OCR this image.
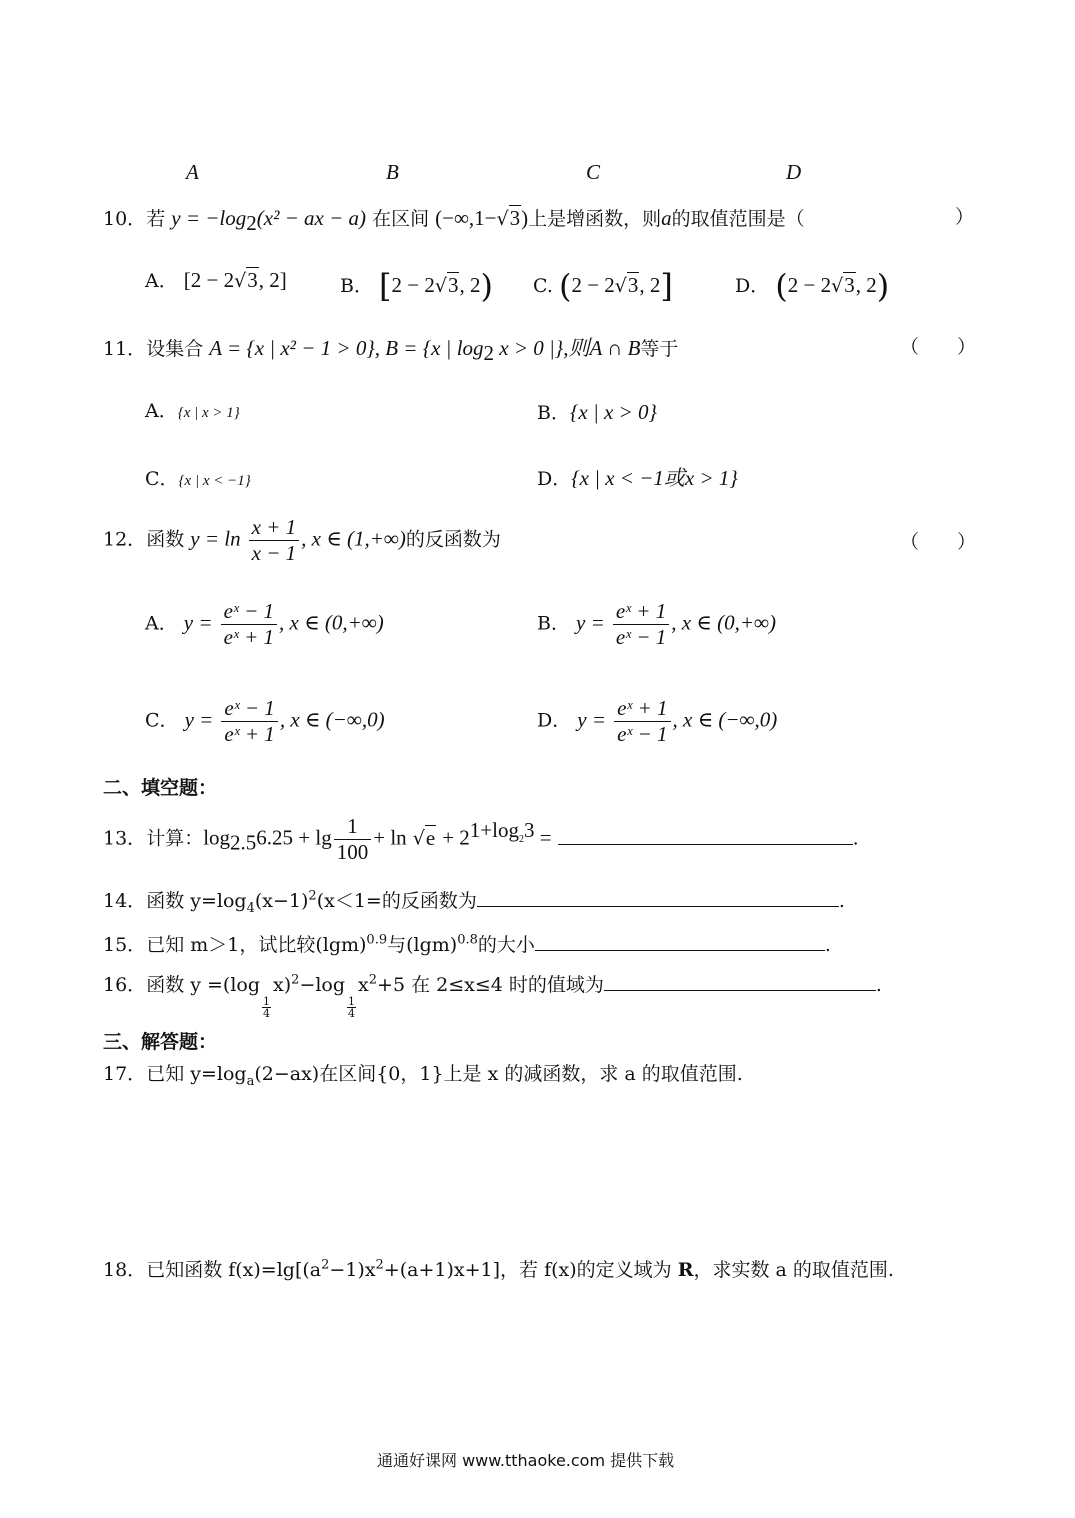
A	B	C	D
10．若 $y = -\log_2(x^2$ − ax − a) 在区间 (−∞,1−√3)上是增函数，则a的取值范围是（	）
A． [2 − 2√3, 2]	B． [2 − 2√3, 2) C. (2 − 2√3, 2]	D． (2 − 2√3, 2)
11．设集合 A = {x | x² − 1 > 0}, B = {x | $\log_2 x > 0$ |},则A ∩ B等于	（　　）
A．{x | x > 1}	B．{x | x > 0}
C．{x | x < −1}	D．{x | x < −1或x > 1}
12．函数 $y = \ln \frac{x + 1}{x - 1}$ , x ∈ (1,+∞)的反函数为	（　　）
A． $y = \frac{\text{eˣ − 1}}{\text{eˣ + 1}}$ , x ∈ (0,+∞)	B． $y = \frac{\text{eˣ + 1}}{\text{eˣ − 1}}$ , x ∈ (0,+∞)
C． $y = \frac{\text{eˣ − 1}}{\text{eˣ + 1}}$ , x ∈ (−∞,0)	D． $y = \frac{\text{eˣ + 1}}{\text{eˣ − 1}}$ , x ∈ (−∞,0)
二、填空题：
13．计算：$\log_{2.5}6.25 + \lg \frac{1}{100} + \ln √e + 2^{1+log_23}$ =	.
14．函数 $y=\log_4(x-1)^2(x<1=$的反函数为	.
15．已知 m＞1，试比较$(\lg m)^{0.9}$与$(\lg m)^{0.8}$的大小	.
16．函数 y =(log
$\frac{1}{4}$
x)$^2$−log
$\frac{1}{4}$
$x^2+5$ 在 2≤x≤4 时的值域为	.
三、解答题：
17．已知 $y=\log_a(2-ax)$在区间{0，1}上是 x 的减函数，求 a 的取值范围.
18．已知函数 $f(x)=\lg[(a^2-1)x^2+(a+1)x+1]$，若 f(x)的定义域为 R，求实数 a 的取值范围.
通通好课网 www.tthaoke.com 提供下载
